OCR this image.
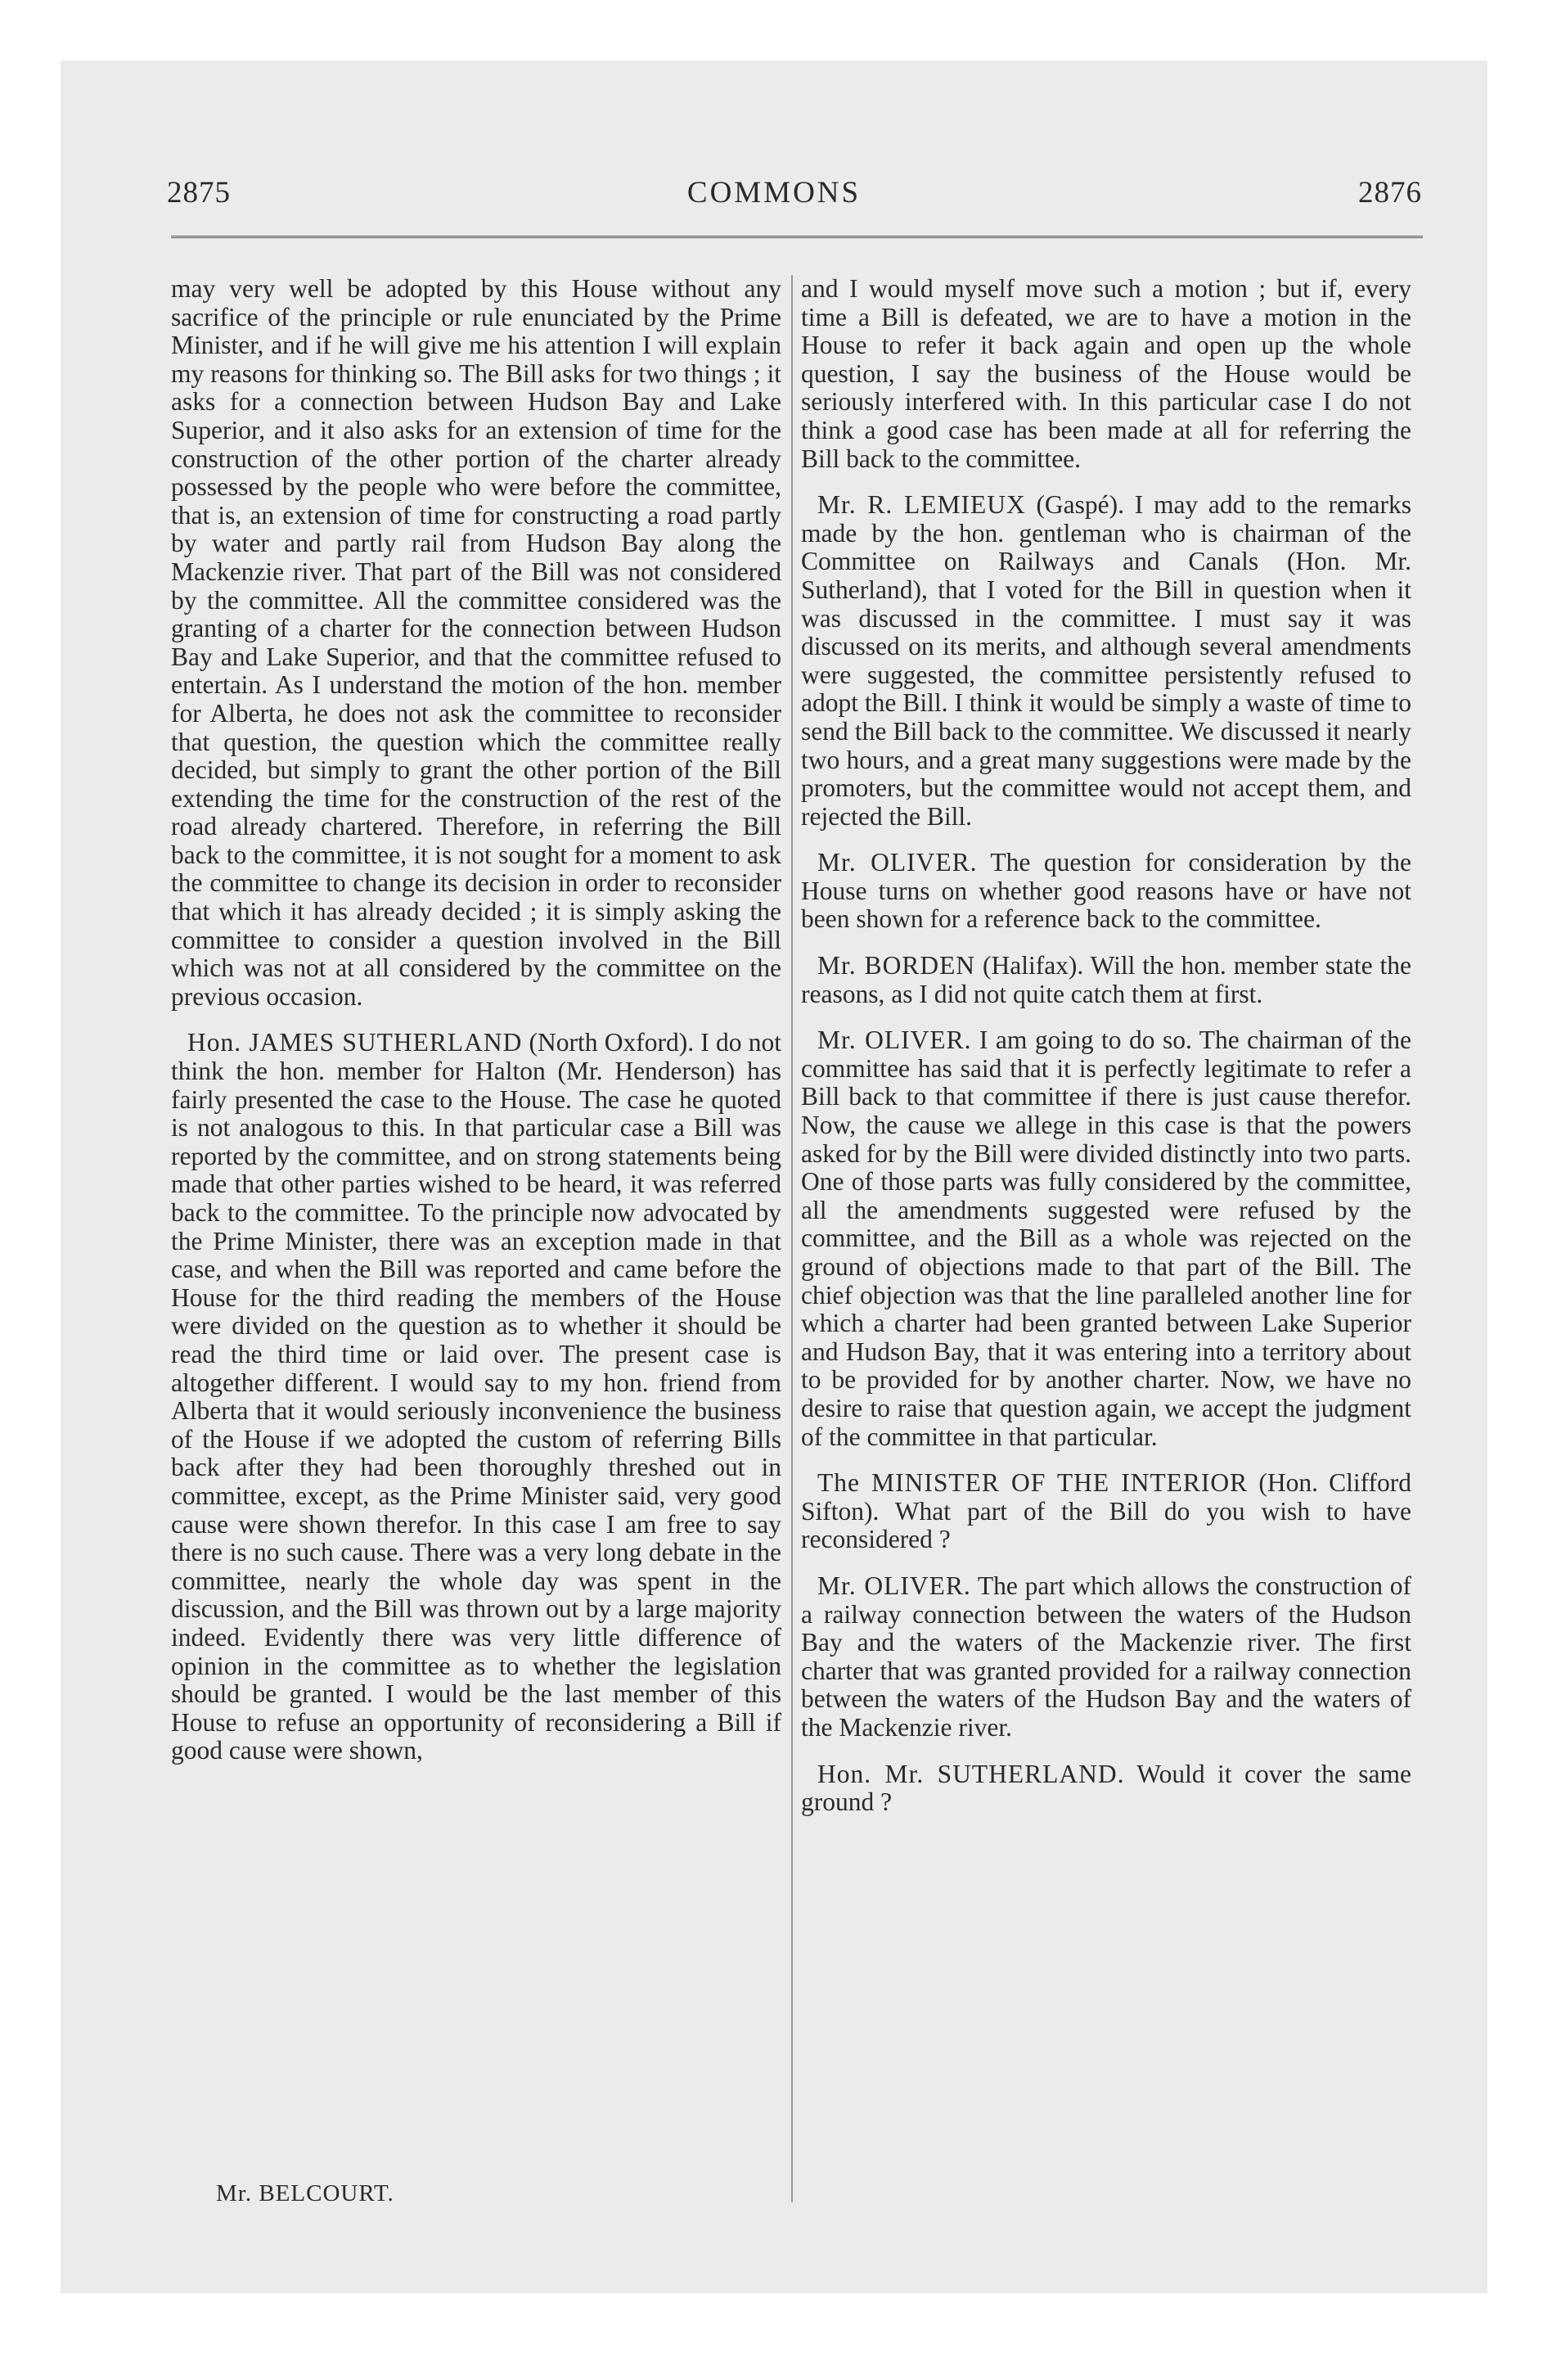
2875	COMMONS	2876

may very well be adopted by this House without any sacrifice of the principle or rule enunciated by the Prime Minister, and if he will give me his attention I will explain my reasons for thinking so. The Bill asks for two things ; it asks for a connection between Hudson Bay and Lake Superior, and it also asks for an extension of time for the construction of the other portion of the charter already possessed by the people who were before the committee, that is, an extension of time for constructing a road partly by water and partly rail from Hudson Bay along the Mackenzie river. That part of the Bill was not considered by the committee. All the committee considered was the granting of a charter for the connection between Hudson Bay and Lake Superior, and that the committee refused to entertain. As I understand the motion of the hon. member for Alberta, he does not ask the committee to reconsider that question, the question which the committee really decided, but simply to grant the other portion of the Bill extending the time for the construction of the rest of the road already chartered. Therefore, in referring the Bill back to the committee, it is not sought for a moment to ask the committee to change its decision in order to reconsider that which it has already decided ; it is simply asking the committee to consider a question involved in the Bill which was not at all considered by the committee on the previous occasion.

Hon. JAMES SUTHERLAND (North Oxford). I do not think the hon. member for Halton (Mr. Henderson) has fairly presented the case to the House. The case he quoted is not analogous to this. In that particular case a Bill was reported by the committee, and on strong statements being made that other parties wished to be heard, it was referred back to the committee. To the principle now advocated by the Prime Minister, there was an exception made in that case, and when the Bill was reported and came before the House for the third reading the members of the House were divided on the question as to whether it should be read the third time or laid over. The present case is altogether different. I would say to my hon. friend from Alberta that it would seriously inconvenience the business of the House if we adopted the custom of referring Bills back after they had been thoroughly threshed out in committee, except, as the Prime Minister said, very good cause were shown therefor. In this case I am free to say there is no such cause. There was a very long debate in the committee, nearly the whole day was spent in the discussion, and the Bill was thrown out by a large majority indeed. Evidently there was very little difference of opinion in the committee as to whether the legislation should be granted. I would be the last member of this House to refuse an opportunity of reconsidering a Bill if good cause were shown,

and I would myself move such a motion ; but if, every time a Bill is defeated, we are to have a motion in the House to refer it back again and open up the whole question, I say the business of the House would be seriously interfered with. In this particular case I do not think a good case has been made at all for referring the Bill back to the committee.

Mr. R. LEMIEUX (Gaspé). I may add to the remarks made by the hon. gentleman who is chairman of the Committee on Railways and Canals (Hon. Mr. Sutherland), that I voted for the Bill in question when it was discussed in the committee. I must say it was discussed on its merits, and although several amendments were suggested, the committee persistently refused to adopt the Bill. I think it would be simply a waste of time to send the Bill back to the committee. We discussed it nearly two hours, and a great many suggestions were made by the promoters, but the committee would not accept them, and rejected the Bill.

Mr. OLIVER. The question for consideration by the House turns on whether good reasons have or have not been shown for a reference back to the committee.

Mr. BORDEN (Halifax). Will the hon. member state the reasons, as I did not quite catch them at first.

Mr. OLIVER. I am going to do so. The chairman of the committee has said that it is perfectly legitimate to refer a Bill back to that committee if there is just cause therefor. Now, the cause we allege in this case is that the powers asked for by the Bill were divided distinctly into two parts. One of those parts was fully considered by the committee, all the amendments suggested were refused by the committee, and the Bill as a whole was rejected on the ground of objections made to that part of the Bill. The chief objection was that the line paralleled another line for which a charter had been granted between Lake Superior and Hudson Bay, that it was entering into a territory about to be provided for by another charter. Now, we have no desire to raise that question again, we accept the judgment of the committee in that particular.

The MINISTER OF THE INTERIOR (Hon. Clifford Sifton). What part of the Bill do you wish to have reconsidered ?

Mr. OLIVER. The part which allows the construction of a railway connection between the waters of the Hudson Bay and the waters of the Mackenzie river. The first charter that was granted provided for a railway connection between the waters of the Hudson Bay and the waters of the Mackenzie river.

Hon. Mr. SUTHERLAND. Would it cover the same ground ?

Mr. BELCOURT.
